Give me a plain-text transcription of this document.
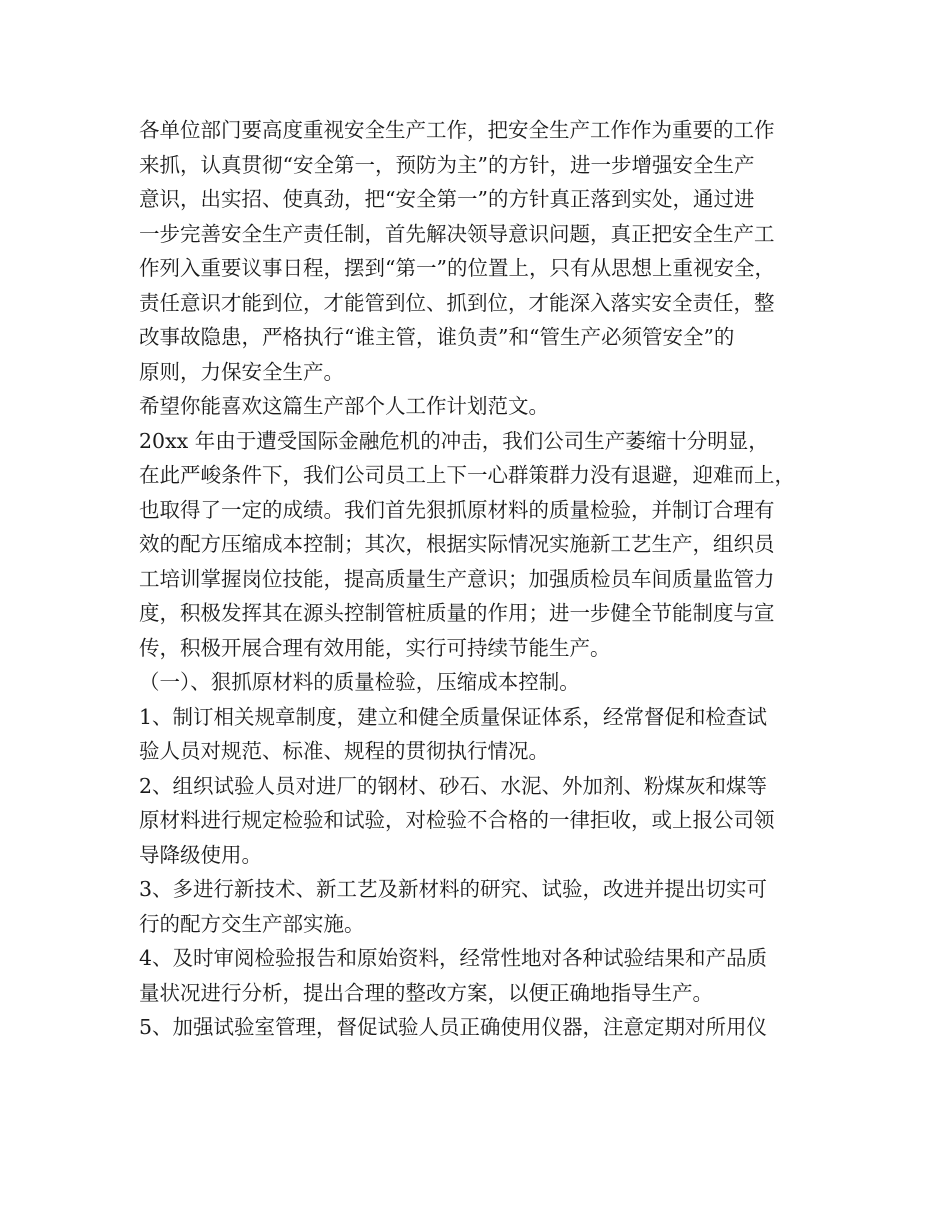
各单位部门要高度重视安全生产工作，把安全生产工作作为重要的工作
来抓，认真贯彻“安全第一，预防为主”的方针，进一步增强安全生产
意识，出实招、使真劲，把“安全第一”的方针真正落到实处，通过进
一步完善安全生产责任制，首先解决领导意识问题，真正把安全生产工
作列入重要议事日程，摆到“第一”的位置上，只有从思想上重视安全，
责任意识才能到位，才能管到位、抓到位，才能深入落实安全责任，整
改事故隐患，严格执行“谁主管，谁负责”和“管生产必须管安全”的
原则，力保安全生产。
希望你能喜欢这篇生产部个人工作计划范文。
20xx 年由于遭受国际金融危机的冲击，我们公司生产萎缩十分明显，
在此严峻条件下，我们公司员工上下一心群策群力没有退避，迎难而上，
也取得了一定的成绩。我们首先狠抓原材料的质量检验，并制订合理有
效的配方压缩成本控制；其次，根据实际情况实施新工艺生产，组织员
工培训掌握岗位技能，提高质量生产意识；加强质检员车间质量监管力
度，积极发挥其在源头控制管桩质量的作用；进一步健全节能制度与宣
传，积极开展合理有效用能，实行可持续节能生产。
（一）、狠抓原材料的质量检验，压缩成本控制。
1、制订相关规章制度，建立和健全质量保证体系，经常督促和检查试
验人员对规范、标准、规程的贯彻执行情况。
2、组织试验人员对进厂的钢材、砂石、水泥、外加剂、粉煤灰和煤等
原材料进行规定检验和试验，对检验不合格的一律拒收，或上报公司领
导降级使用。
3、多进行新技术、新工艺及新材料的研究、试验，改进并提出切实可
行的配方交生产部实施。
4、及时审阅检验报告和原始资料，经常性地对各种试验结果和产品质
量状况进行分析，提出合理的整改方案，以便正确地指导生产。
5、加强试验室管理，督促试验人员正确使用仪器，注意定期对所用仪
